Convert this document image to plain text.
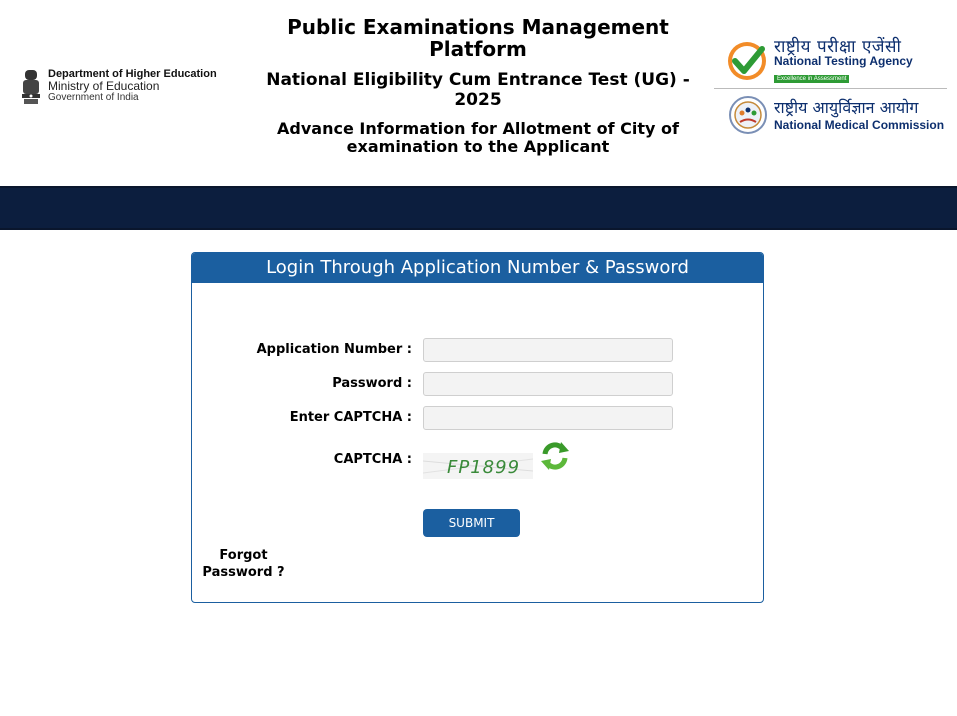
Department of Higher Education
Ministry of Education
Government of India
Public Examinations Management Platform
National Eligibility Cum Entrance Test (UG) - 2025
Advance Information for Allotment of City of examination to the Applicant
राष्ट्रीय परीक्षा एजेंसी
National Testing Agency
Excellence in Assessment
राष्ट्रीय आयुर्विज्ञान आयोग
National Medical Commission
Login Through Application Number & Password
Application Number :
Password :
Enter CAPTCHA :
CAPTCHA : FP1899
SUBMIT
Forgot Password ?
